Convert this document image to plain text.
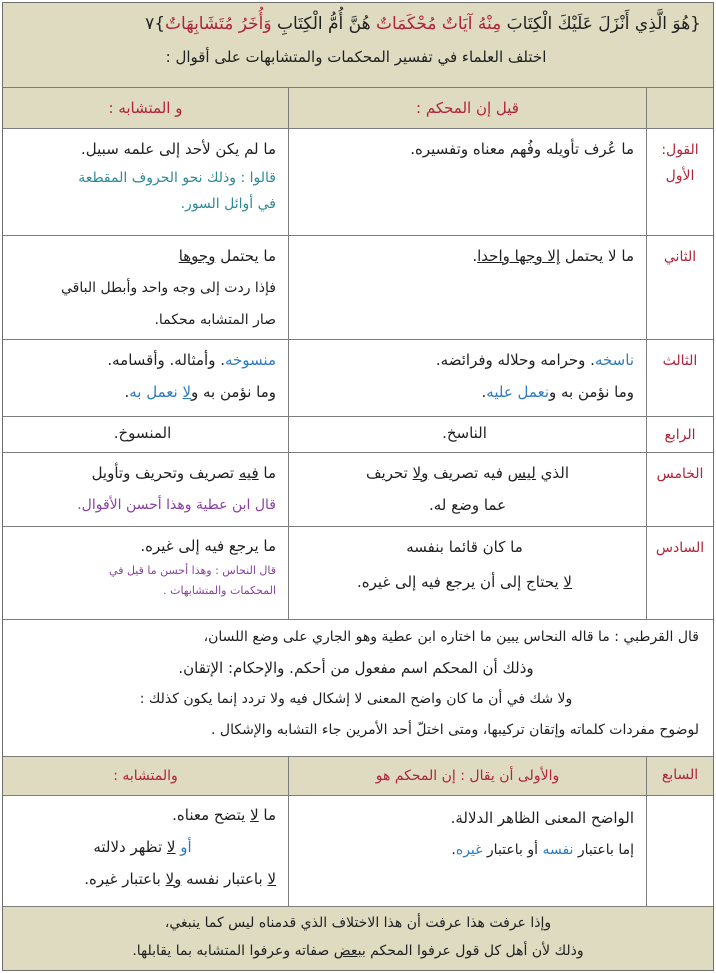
{هُوَ الَّذِي أَنْزَلَ عَلَيْكَ الْكِتَابَ مِنْهُ آيَاتٌ مُحْكَمَاتٌ هُنَّ أُمُّ الْكِتَابِ وَأُخَرُ مُتَشَابِهَاتٌ}٧

اختلف العلماء في تفسير المحكمات والمتشابهات على أقوال :

قيل إن المحكم :
و المتشابه :
القول:
الأول

ما عُرف تأويله وفُهم معناه وتفسيره.

ما لم يكن لأحد إلى علمه سبيل.

قالوا : وذلك نحو الحروف المقطعة

في أوائل السور.

الثاني

ما لا يحتمل إلا وجها واحدا.

ما يحتمل وجوها

فإذا ردت إلى وجه واحد وأبطل الباقي

صار المتشابه محكما.

الثالث

ناسخه. وحرامه وحلاله وفرائضه.

وما نؤمن به ونعمل عليه.

منسوخه. وأمثاله. وأقسامه.

وما نؤمن به ولا نعمل به.

الرابع
الناسخ.
المنسوخ.
الخامس

الذي ليس فيه تصريف ولا تحريف

عما وضع له.

ما فيه تصريف وتحريف وتأويل

قال ابن عطية وهذا أحسن الأقوال.

السادس

ما كان قائما بنفسه

لا يحتاج إلى أن يرجع فيه إلى غيره.

ما يرجع فيه إلى غيره.

قال النحاس : وهذا أحسن ما قيل في

المحكمات والمتشابهات .

قال القرطبي : ما قاله النحاس يبين ما اختاره ابن عطية وهو الجاري على وضع اللسان،

وذلك أن المحكم اسم مفعول من أحكم. والإحكام: الإتقان.

ولا شك في أن ما كان واضح المعنى لا إشكال فيه ولا تردد إنما يكون كذلك :

لوضوح مفردات كلماته وإتقان تركيبها، ومتى اختلّ أحد الأمرين جاء التشابه والإشكال .

السابع
والأولى أن يقال : إن المحكم هو
والمتشابه :

الواضح المعنى الظاهر الدلالة.

إما باعتبار نفسه أو باعتبار غيره.

ما لا يتضح معناه.

أو لا تظهر دلالته

لا باعتبار نفسه ولا باعتبار غيره.

وإذا عرفت هذا عرفت أن هذا الاختلاف الذي قدمناه ليس كما ينبغي،

وذلك لأن أهل كل قول عرفوا المحكم ببعض صفاته وعرفوا المتشابه بما يقابلها.
